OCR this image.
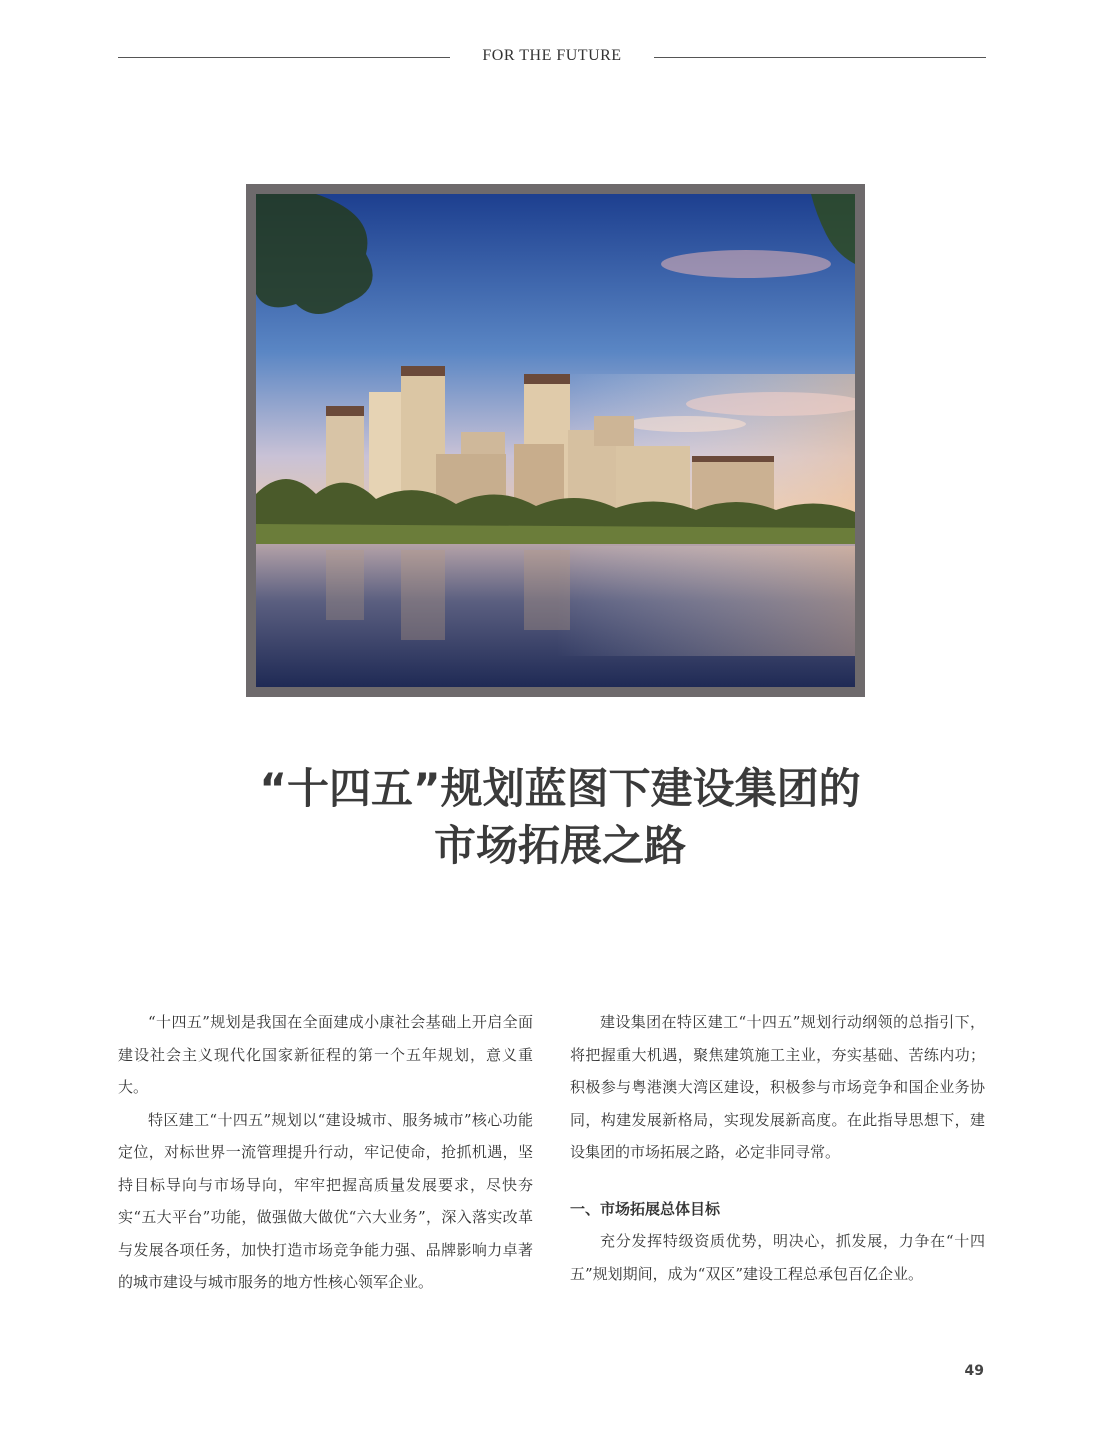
FOR THE FUTURE
“十四五”规划蓝图下建设集团的
市场拓展之路

“十四五”规划是我国在全面建成小康社会基础上开启全面建设社会主义现代化国家新征程的第一个五年规划，意义重大。

特区建工“十四五”规划以“建设城市、服务城市”核心功能定位，对标世界一流管理提升行动，牢记使命，抢抓机遇，坚持目标导向与市场导向，牢牢把握高质量发展要求，尽快夯实“五大平台”功能，做强做大做优“六大业务”，深入落实改革与发展各项任务，加快打造市场竞争能力强、品牌影响力卓著的城市建设与城市服务的地方性核心领军企业。

建设集团在特区建工“十四五”规划行动纲领的总指引下，将把握重大机遇，聚焦建筑施工主业，夯实基础、苦练内功；积极参与粤港澳大湾区建设，积极参与市场竞争和国企业务协同，构建发展新格局，实现发展新高度。在此指导思想下，建设集团的市场拓展之路，必定非同寻常。

一、市场拓展总体目标

充分发挥特级资质优势，明决心，抓发展，力争在“十四五”规划期间，成为“双区”建设工程总承包百亿企业。

49
